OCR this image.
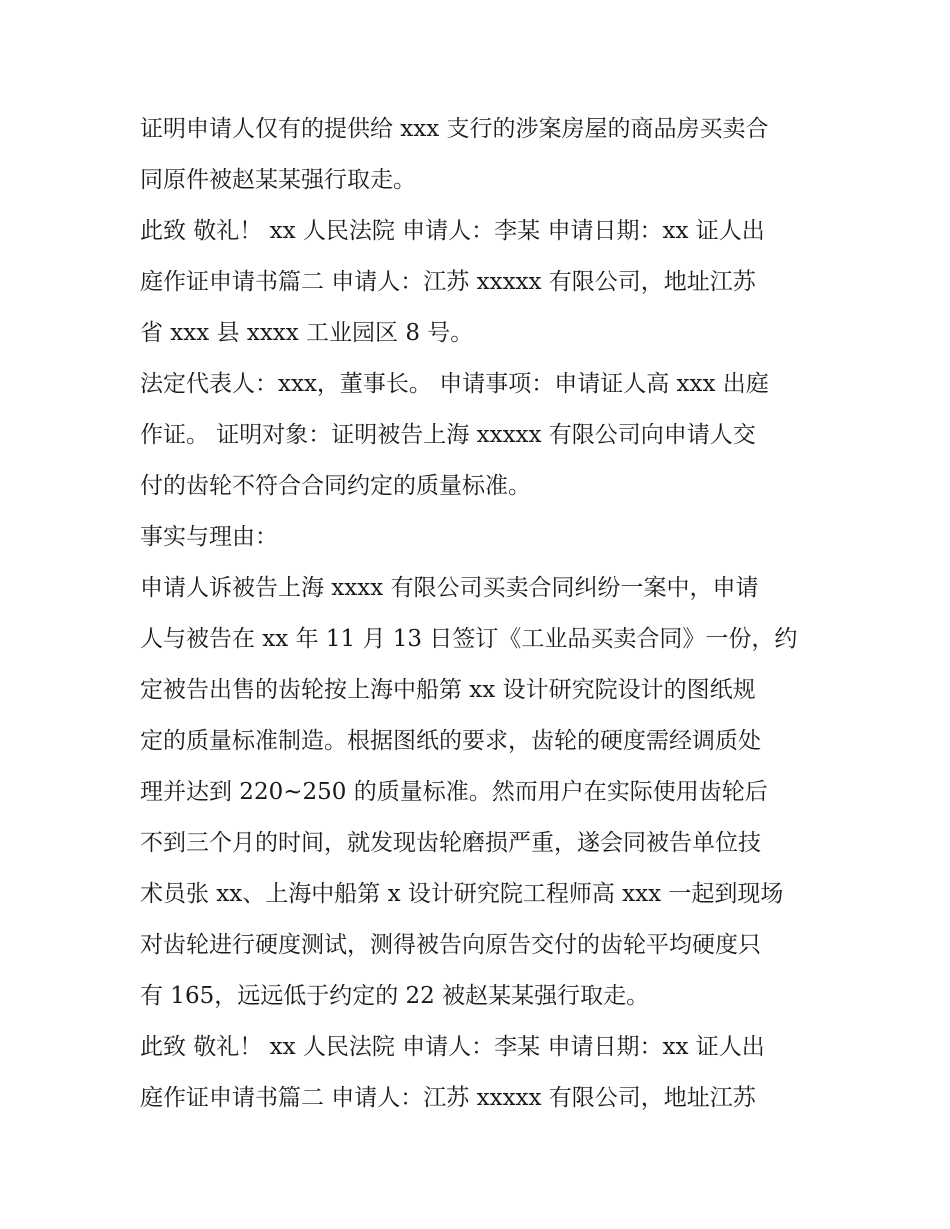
证明申请人仅有的提供给 xxx 支行的涉案房屋的商品房买卖合
同原件被赵某某强行取走。
此致 敬礼！ xx 人民法院 申请人：李某 申请日期：xx 证人出
庭作证申请书篇二 申请人：江苏 xxxxx 有限公司，地址江苏
省 xxx 县 xxxx 工业园区 8 号。
法定代表人：xxx，董事长。 申请事项：申请证人高 xxx 出庭
作证。 证明对象：证明被告上海 xxxxx 有限公司向申请人交
付的齿轮不符合合同约定的质量标准。
事实与理由：
申请人诉被告上海 xxxx 有限公司买卖合同纠纷一案中，申请
人与被告在 xx 年 11 月 13 日签订《工业品买卖合同》一份，约
定被告出售的齿轮按上海中船第 xx 设计研究院设计的图纸规
定的质量标准制造。根据图纸的要求，齿轮的硬度需经调质处
理并达到 220~250 的质量标准。然而用户在实际使用齿轮后
不到三个月的时间，就发现齿轮磨损严重，遂会同被告单位技
术员张 xx、上海中船第 x 设计研究院工程师高 xxx 一起到现场
对齿轮进行硬度测试，测得被告向原告交付的齿轮平均硬度只
有 165，远远低于约定的 22 被赵某某强行取走。
此致 敬礼！ xx 人民法院 申请人：李某 申请日期：xx 证人出
庭作证申请书篇二 申请人：江苏 xxxxx 有限公司，地址江苏
